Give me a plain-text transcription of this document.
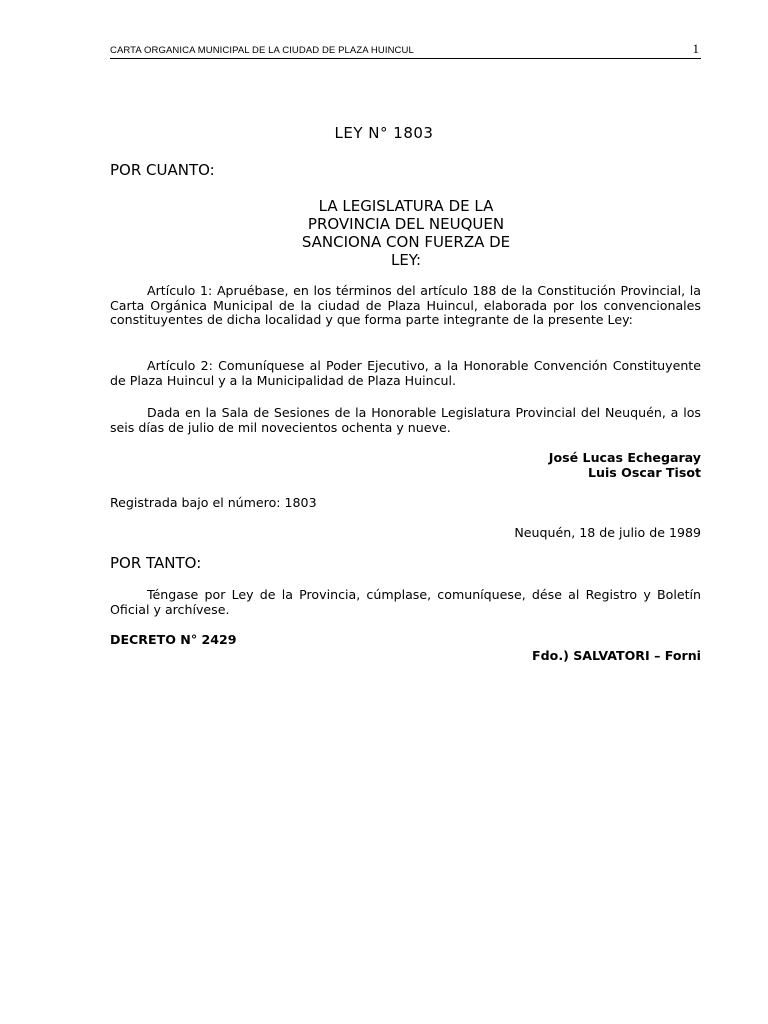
CARTA ORGANICA MUNICIPAL DE LA CIUDAD DE PLAZA HUINCUL	1
LEY N° 1803
POR CUANTO:
LA LEGISLATURA DE LA
PROVINCIA DEL NEUQUEN
SANCIONA CON FUERZA DE
LEY:

Artículo 1: Apruébase, en los términos del artículo 188 de la Constitución Provincial, la Carta Orgánica Municipal de la ciudad de Plaza Huincul, elaborada por los convencionales constituyentes de dicha localidad y que forma parte integrante de la presente Ley:

Artículo 2: Comuníquese al Poder Ejecutivo, a la Honorable Convención Constituyente de Plaza Huincul y a la Municipalidad de Plaza Huincul.

Dada en la Sala de Sesiones de la Honorable Legislatura Provincial del Neuquén, a los seis días de julio de mil novecientos ochenta y nueve.

José Lucas Echegaray
Luis Oscar Tisot
Registrada bajo el número: 1803
Neuquén, 18 de julio de 1989
POR TANTO:

Téngase por Ley de la Provincia, cúmplase, comuníquese, dése al Registro y Boletín Oficial y archívese.

DECRETO N° 2429
Fdo.) SALVATORI – Forni
